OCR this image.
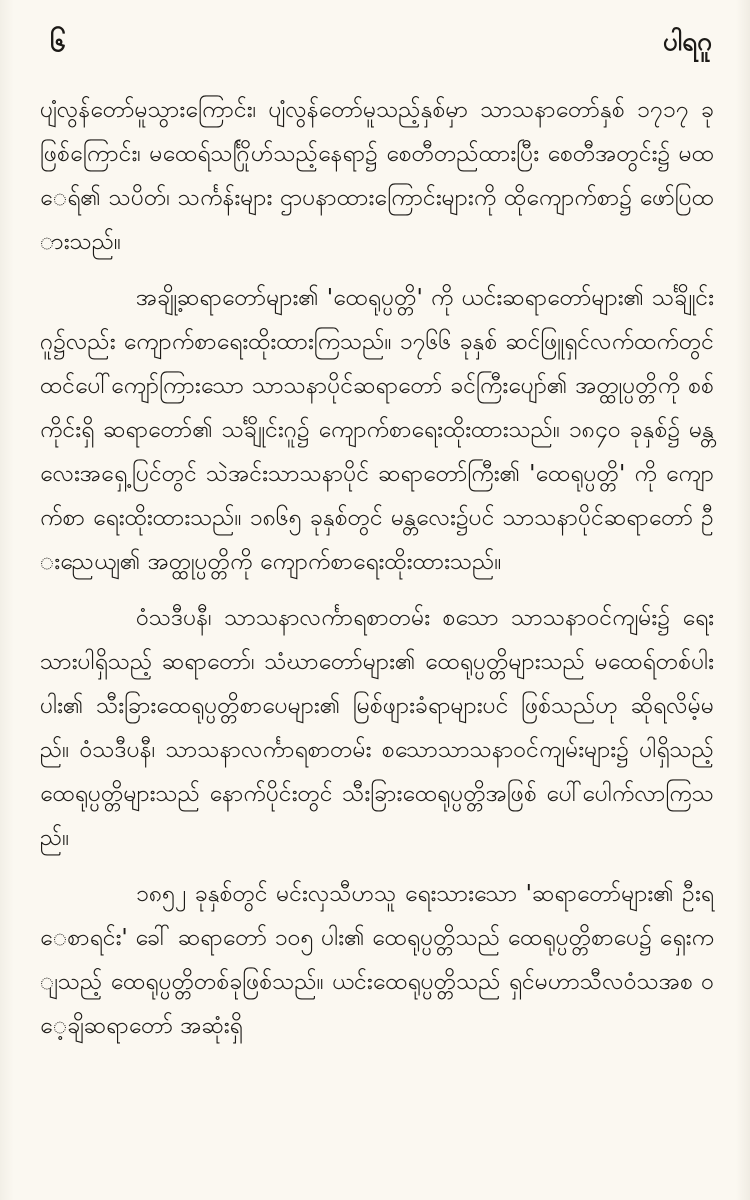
၆	ပါရဂူ

ပျံလွန်တော်မူသွားကြောင်း၊ ပျံလွန်တော်မူသည့်နှစ်မှာ သာသနာတော်နှစ် ၁၇၁၇ ခု ဖြစ်ကြောင်း၊ မထေရ်သင်္ဂြိုဟ်သည့်နေရာ၌ စေတီတည်ထားပြီး စေတီအတွင်း၌ မထေရ်၏ သပိတ်၊ သင်္ကန်းများ ဌာပနာထားကြောင်းများကို ထိုကျောက်စာ၌ ဖော်ပြထားသည်။

အချို့ဆရာတော်များ၏ 'ထေရုပ္ပတ္တိ' ကို ယင်းဆရာတော်များ၏ သင်္ချိုင်းဂူ၌လည်း ကျောက်စာရေးထိုးထားကြသည်။ ၁၇၆၆ ခုနှစ် ဆင်ဖြူရှင်လက်ထက်တွင် ထင်ပေါ်ကျော်ကြားသော သာသနာပိုင်ဆရာတော် ခင်ကြီးပျော်၏ အတ္ထုပ္ပတ္တိကို စစ်ကိုင်းရှိ ဆရာတော်၏ သင်္ချိုင်းဂူ၌ ကျောက်စာရေးထိုးထားသည်။ ၁၈၄၀ ခုနှစ်၌ မန္တလေးအရှေ့ပြင်တွင် သဲအင်းသာသနာပိုင် ဆရာတော်ကြီး၏ 'ထေရုပ္ပတ္တိ' ကို ကျောက်စာ ရေးထိုးထားသည်။ ၁၈၆၅ ခုနှစ်တွင် မန္တလေး၌ပင် သာသနာပိုင်ဆရာတော် ဦးညေယျ၏ အတ္ထုပ္ပတ္တိကို ကျောက်စာရေးထိုးထားသည်။

ဝံသဒီပနီ၊ သာသနာလင်္ကာရစာတမ်း စသော သာသနာဝင်ကျမ်း၌ ရေးသားပါရှိသည့် ဆရာတော်၊ သံဃာတော်များ၏ ထေရုပ္ပတ္တိများသည် မထေရ်တစ်ပါးပါး၏ သီးခြားထေရုပ္ပတ္တိစာပေများ၏ မြစ်ဖျားခံရာများပင် ဖြစ်သည်ဟု ဆိုရလိမ့်မည်။ ဝံသဒီပနီ၊ သာသနာလင်္ကာရစာတမ်း စသောသာသနာဝင်ကျမ်းများ၌ ပါရှိသည့် ထေရုပ္ပတ္တိများသည် နောက်ပိုင်းတွင် သီးခြားထေရုပ္ပတ္တိအဖြစ် ပေါ်ပေါက်လာကြသည်။

၁၈၅၂ ခုနှစ်တွင် မင်းလှသီဟသူ ရေးသားသော 'ဆရာတော်များ၏ ဦးရေစာရင်း' ခေါ် ဆရာတော် ၁၀၅ ပါး၏ ထေရုပ္ပတ္တိသည် ထေရုပ္ပတ္တိစာပေ၌ ရှေးကျသည့် ထေရုပ္ပတ္တိတစ်ခုဖြစ်သည်။ ယင်းထေရုပ္ပတ္တိသည် ရှင်မဟာသီလဝံသအစ ဝေ့ချိဆရာတော် အဆုံးရှိ
